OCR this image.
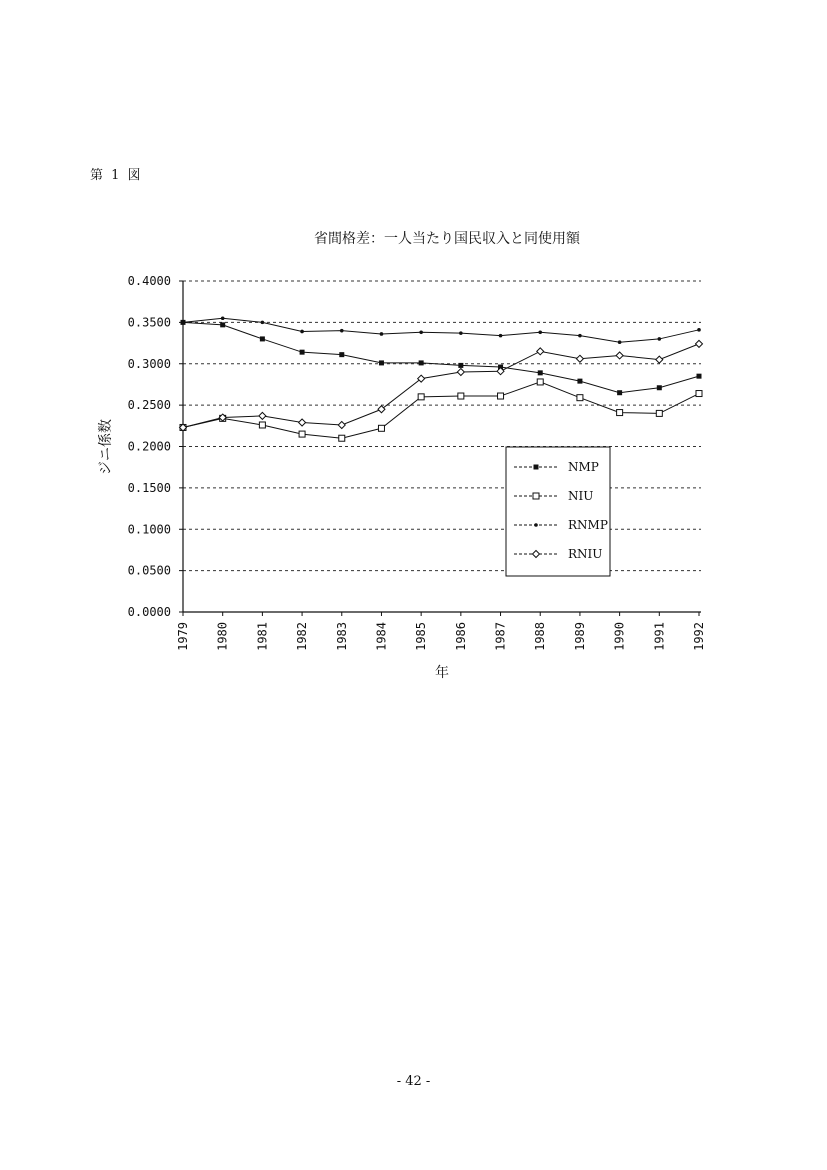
第 1 図
省間格差：一人当たり国民収入と同使用額
0.0000
0.0500
0.1000
0.1500
0.2000
0.2500
0.3000
0.3500
0.4000
1979 1980 1981 1982 1983 1984 1985 1986 1987 1988 1989 1990 1991 1992
年
ジニ係数	NMP
NIU
RNMP
RNIU
- 42 -
